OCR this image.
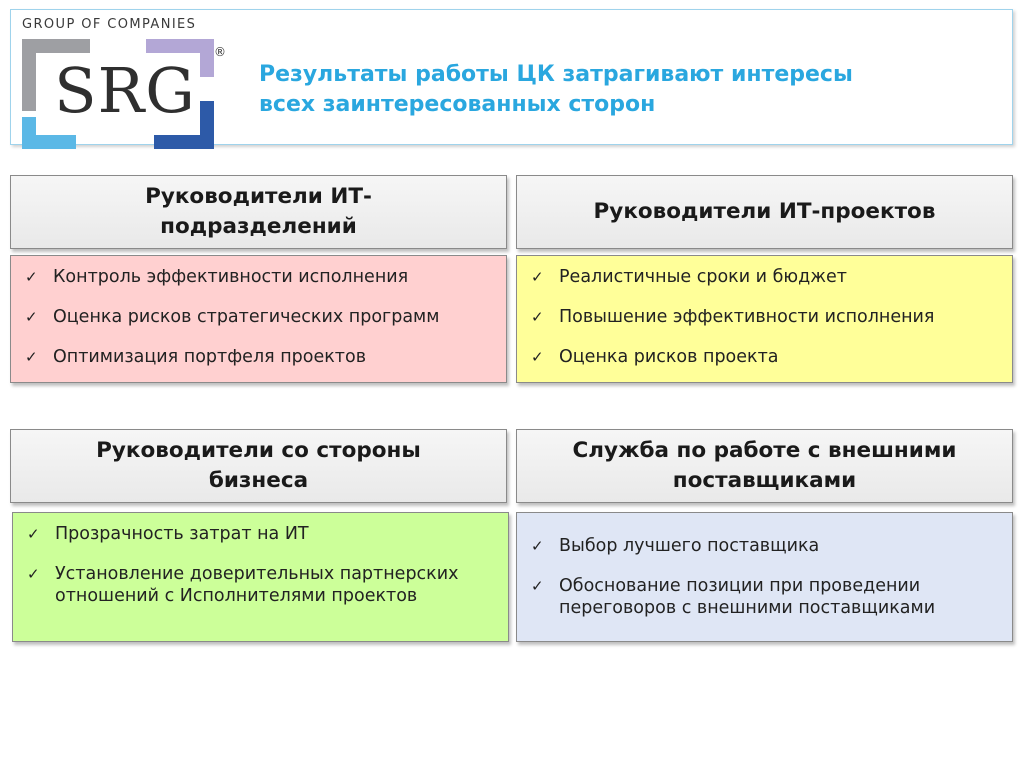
GROUP OF COMPANIES
SRG
®
Результаты работы ЦК затрагивают интересы
всех заинтересованных сторон
Руководители ИТ-
подразделений
✓ Контроль эффективности исполнения
✓ Оценка рисков стратегических программ
✓ Оптимизация портфеля проектов
Руководители ИТ-проектов
✓ Реалистичные сроки и бюджет
✓ Повышение эффективности исполнения
✓ Оценка рисков проекта
Руководители со стороны
бизнеса
✓ Прозрачность затрат на ИТ
✓ Установление доверительных партнерских отношений с Исполнителями проектов
Служба по работе с внешними
поставщиками
✓ Выбор лучшего поставщика
✓ Обоснование позиции при проведении переговоров с внешними поставщиками
